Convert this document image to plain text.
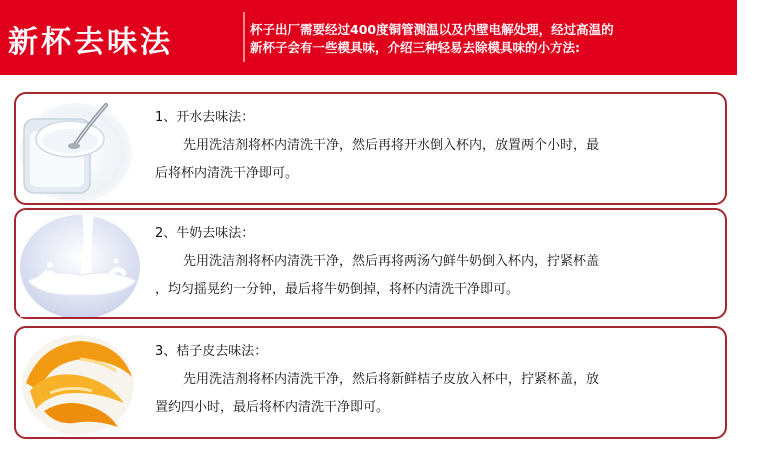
新杯去味法	杯子出厂需要经过400度铜管测温以及内壁电解处理，经过高温的
新杯子会有一些模具味，介绍三种轻易去除模具味的小方法:
1、开水去味法：
先用洗洁剂将杯内清洗干净，然后再将开水倒入杯内，放置两个小时，最
后将杯内清洗干净即可。
2、牛奶去味法：
先用洗洁剂将杯内清洗干净，然后再将两汤勺鲜牛奶倒入杯内，拧紧杯盖
，均匀摇晃约一分钟，最后将牛奶倒掉，将杯内清洗干净即可。
3、桔子皮去味法：
先用洗洁剂将杯内清洗干净，然后将新鲜桔子皮放入杯中，拧紧杯盖，放
置约四小时，最后将杯内清洗干净即可。
